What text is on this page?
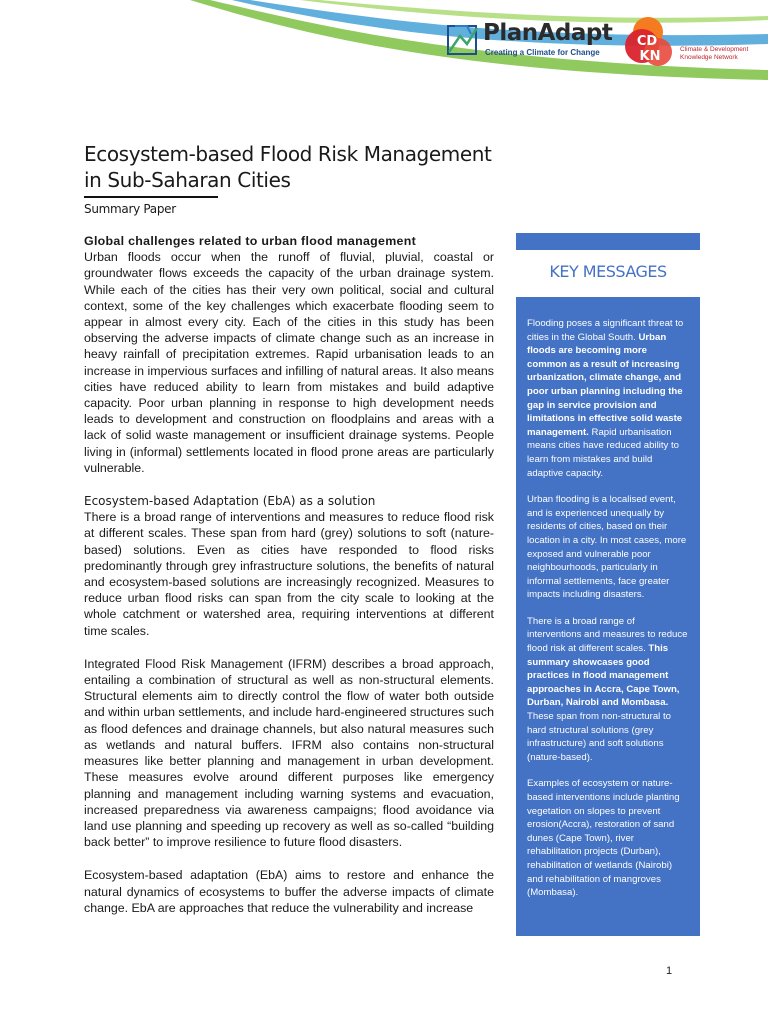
PlanAdapt
Creating a Climate for Change
CD
KN	Climate & Development
Knowledge Network
Ecosystem-based Flood Risk Management
in Sub-Saharan Cities
Summary Paper
Global challenges related to urban flood management

Urban floods occur when the runoff of fluvial, pluvial, coastal or groundwater flows exceeds the capacity of the urban drainage system. While each of the cities has their very own political, social and cultural context, some of the key challenges which exacerbate flooding seem to appear in almost every city. Each of the cities in this study has been observing the adverse impacts of climate change such as an increase in heavy rainfall of precipitation extremes. Rapid urbanisation leads to an increase in impervious surfaces and infilling of natural areas. It also means cities have reduced ability to learn from mistakes and build adaptive capacity. Poor urban planning in response to high development needs leads to development and construction on floodplains and areas with a lack of solid waste management or insufficient drainage systems. People living in (informal) settlements located in flood prone areas are particularly vulnerable.

Ecosystem-based Adaptation (EbA) as a solution

There is a broad range of interventions and measures to reduce flood risk at different scales. These span from hard (grey) solutions to soft (nature-based) solutions. Even as cities have responded to flood risks predominantly through grey infrastructure solutions, the benefits of natural and ecosystem-based solutions are increasingly recognized. Measures to reduce urban flood risks can span from the city scale to looking at the whole catchment or watershed area, requiring interventions at different time scales.

Integrated Flood Risk Management (IFRM) describes a broad approach, entailing a combination of structural as well as non-structural elements. Structural elements aim to directly control the flow of water both outside and within urban settlements, and include hard-engineered structures such as flood defences and drainage channels, but also natural measures such as wetlands and natural buffers. IFRM also contains non-structural measures like better planning and management in urban development. These measures evolve around different purposes like emergency planning and management including warning systems and evacuation, increased preparedness via awareness campaigns; flood avoidance via land use planning and speeding up recovery as well as so-called “building back better” to improve resilience to future flood disasters.

Ecosystem-based adaptation (EbA) aims to restore and enhance the natural dynamics of ecosystems to buffer the adverse impacts of climate change. EbA are approaches that reduce the vulnerability and increase

KEY MESSAGES

Flooding poses a significant threat to cities in the Global South. Urban floods are becoming more common as a result of increasing urbanization, climate change, and poor urban planning including the gap in service provision and limitations in effective solid waste management. Rapid urbanisation means cities have reduced ability to learn from mistakes and build adaptive capacity.

Urban flooding is a localised event, and is experienced unequally by residents of cities, based on their location in a city. In most cases, more exposed and vulnerable poor neighbourhoods, particularly in informal settlements, face greater impacts including disasters.

There is a broad range of interventions and measures to reduce flood risk at different scales. This summary showcases good practices in flood management approaches in Accra, Cape Town, Durban, Nairobi and Mombasa. These span from non-structural to hard structural solutions (grey infrastructure) and soft solutions (nature-based).

Examples of ecosystem or nature-based interventions include planting vegetation on slopes to prevent erosion(Accra), restoration of sand dunes (Cape Town), river rehabilitation projects (Durban), rehabilitation of wetlands (Nairobi) and rehabilitation of mangroves (Mombasa).

1
